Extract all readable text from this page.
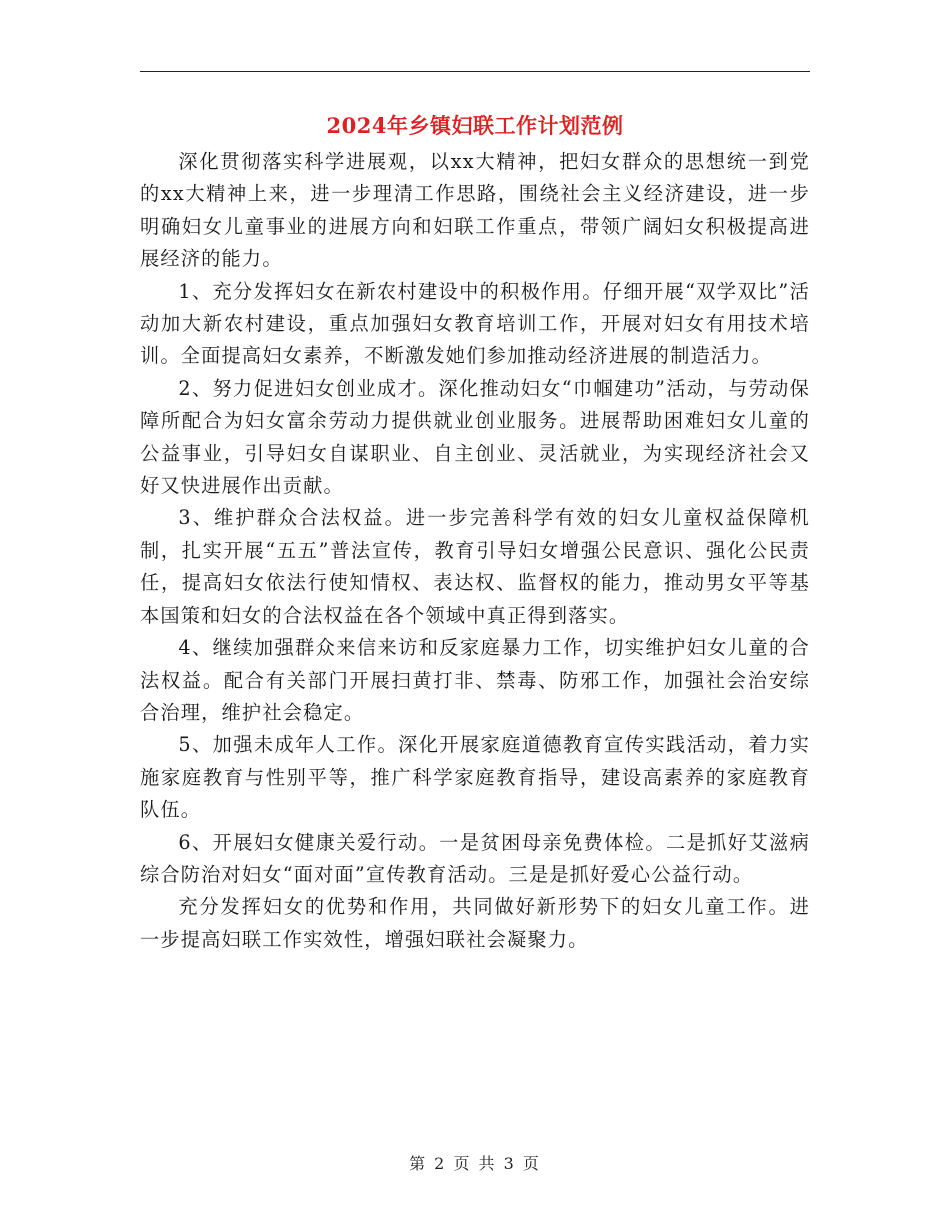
2024年乡镇妇联工作计划范例

深化贯彻落实科学进展观，以xx大精神，把妇女群众的思想统一到党的xx大精神上来，进一步理清工作思路，围绕社会主义经济建设，进一步明确妇女儿童事业的进展方向和妇联工作重点，带领广阔妇女积极提高进展经济的能力。

1、充分发挥妇女在新农村建设中的积极作用。仔细开展“双学双比”活动加大新农村建设，重点加强妇女教育培训工作，开展对妇女有用技术培训。全面提高妇女素养，不断激发她们参加推动经济进展的制造活力。

2、努力促进妇女创业成才。深化推动妇女“巾帼建功”活动，与劳动保障所配合为妇女富余劳动力提供就业创业服务。进展帮助困难妇女儿童的公益事业，引导妇女自谋职业、自主创业、灵活就业，为实现经济社会又好又快进展作出贡献。

3、维护群众合法权益。进一步完善科学有效的妇女儿童权益保障机制，扎实开展“五五”普法宣传，教育引导妇女增强公民意识、强化公民责任，提高妇女依法行使知情权、表达权、监督权的能力，推动男女平等基本国策和妇女的合法权益在各个领域中真正得到落实。

4、继续加强群众来信来访和反家庭暴力工作，切实维护妇女儿童的合法权益。配合有关部门开展扫黄打非、禁毒、防邪工作，加强社会治安综合治理，维护社会稳定。

5、加强未成年人工作。深化开展家庭道德教育宣传实践活动，着力实施家庭教育与性别平等，推广科学家庭教育指导，建设高素养的家庭教育队伍。

6、开展妇女健康关爱行动。一是贫困母亲免费体检。二是抓好艾滋病综合防治对妇女“面对面”宣传教育活动。三是是抓好爱心公益行动。

充分发挥妇女的优势和作用，共同做好新形势下的妇女儿童工作。进一步提高妇联工作实效性，增强妇联社会凝聚力。

第 2 页 共 3 页
